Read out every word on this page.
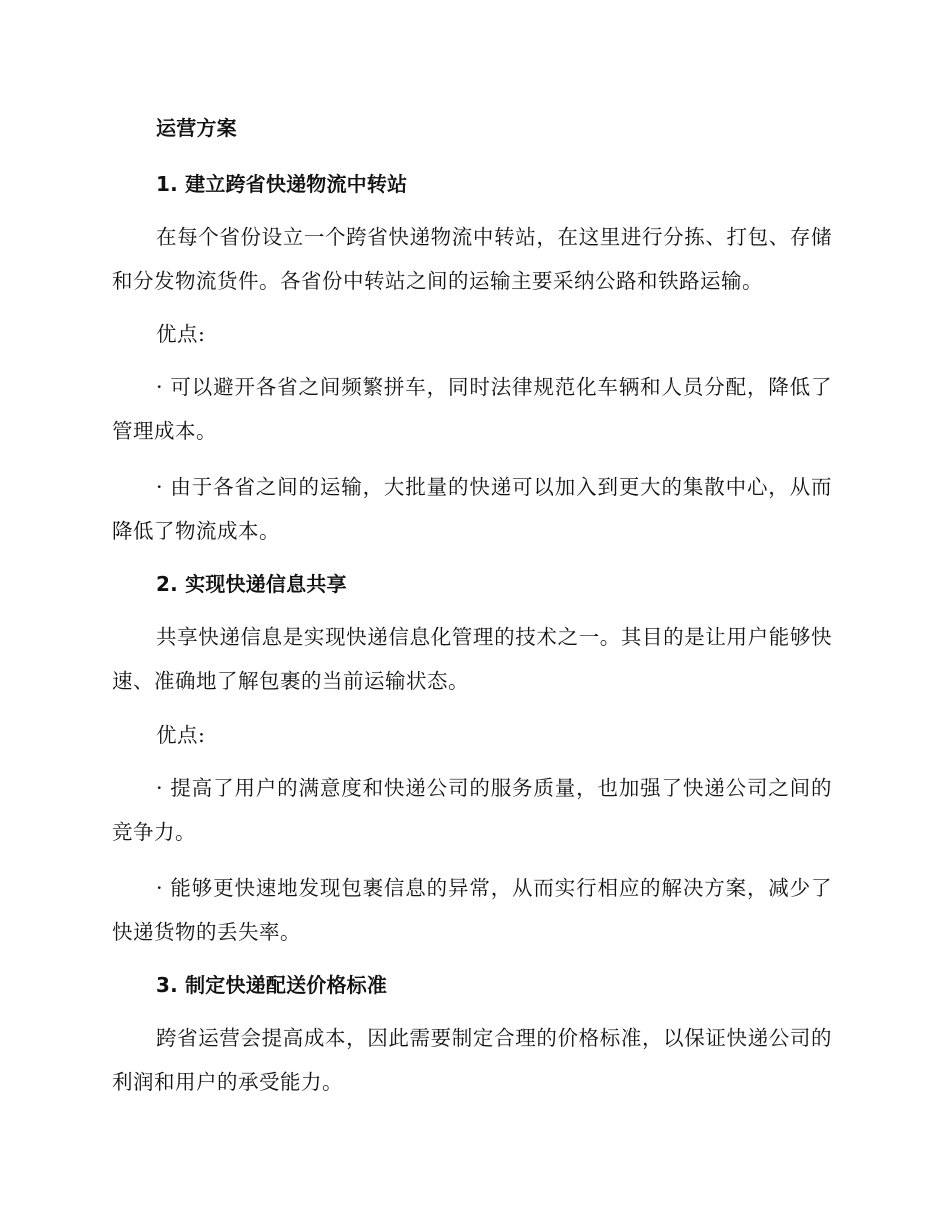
运营方案

1. 建立跨省快递物流中转站

在每个省份设立一个跨省快递物流中转站，在这里进行分拣、打包、存储和分发物流货件。各省份中转站之间的运输主要采纳公路和铁路运输。

优点:

· 可以避开各省之间频繁拼车，同时法律规范化车辆和人员分配，降低了管理成本。

· 由于各省之间的运输，大批量的快递可以加入到更大的集散中心，从而降低了物流成本。

2. 实现快递信息共享

共享快递信息是实现快递信息化管理的技术之一。其目的是让用户能够快速、准确地了解包裹的当前运输状态。

优点:

· 提高了用户的满意度和快递公司的服务质量，也加强了快递公司之间的竞争力。

· 能够更快速地发现包裹信息的异常，从而实行相应的解决方案，减少了快递货物的丢失率。

3. 制定快递配送价格标准

跨省运营会提高成本，因此需要制定合理的价格标准，以保证快递公司的利润和用户的承受能力。
